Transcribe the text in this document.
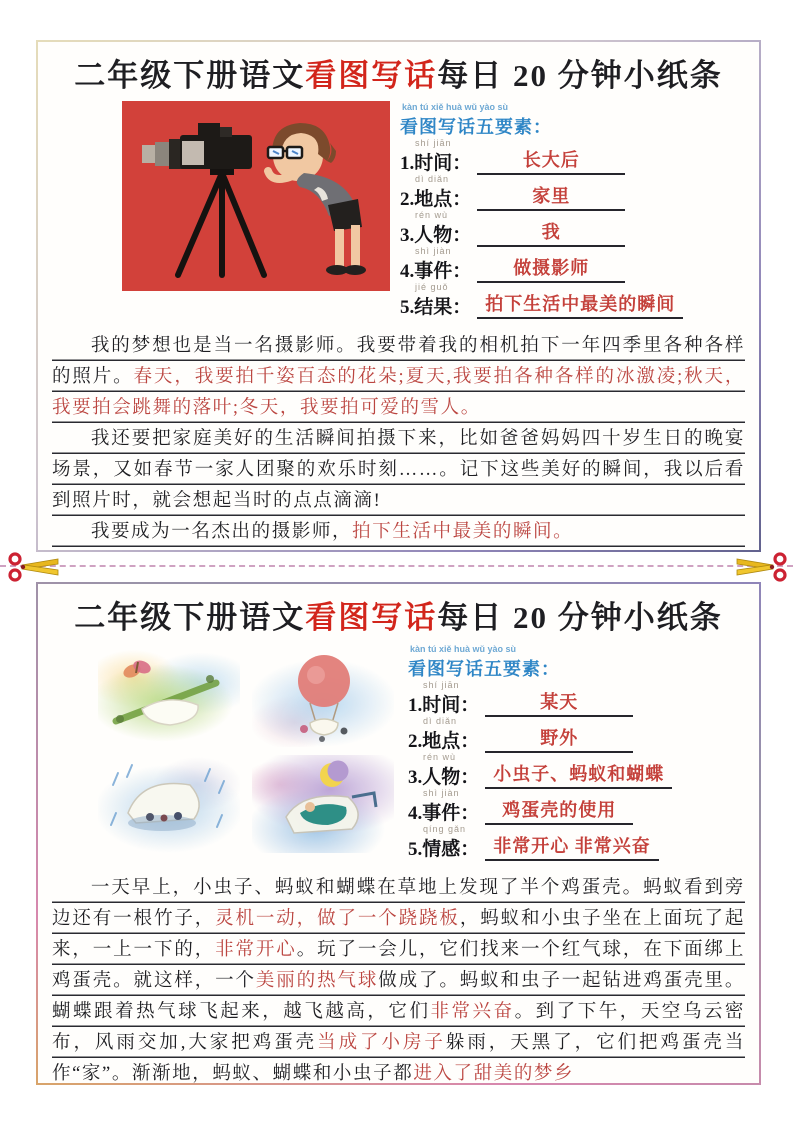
二年级下册语文看图写话每日 20 分钟小纸条
kàn tú xiě huà wǔ yào sù
看图写话五要素：
shí jiān
1.时间：	长大后
dì diǎn
2.地点：	家里
rén wù
3.人物：	我
shì jiàn
4.事件：	做摄影师
jié guǒ
5.结果： 拍下生活中最美的瞬间

我的梦想也是当一名摄影师。我要带着我的相机拍下一年四季里各种各样的照片。春天，我要拍千姿百态的花朵;夏天,我要拍各种各样的冰激凌;秋天，我要拍会跳舞的落叶;冬天，我要拍可爱的雪人。

我还要把家庭美好的生活瞬间拍摄下来，比如爸爸妈妈四十岁生日的晚宴场景，又如春节一家人团聚的欢乐时刻……。记下这些美好的瞬间，我以后看到照片时，就会想起当时的点点滴滴!

我要成为一名杰出的摄影师，拍下生活中最美的瞬间。

二年级下册语文看图写话每日 20 分钟小纸条
kàn tú xiě huà wǔ yào sù
看图写话五要素：
shí jiān
1.时间：	某天
dì diǎn
2.地点：	野外
rén wù
3.人物： 小虫子、蚂蚁和蝴蝶
shì jiàn
4.事件：	鸡蛋壳的使用
qíng gǎn
5.情感： 非常开心 非常兴奋

一天早上，小虫子、蚂蚁和蝴蝶在草地上发现了半个鸡蛋壳。蚂蚁看到旁边还有一根竹子，灵机一动，做了一个跷跷板，蚂蚁和小虫子坐在上面玩了起来，一上一下的，非常开心。玩了一会儿，它们找来一个红气球，在下面绑上鸡蛋壳。就这样，一个美丽的热气球做成了。蚂蚁和虫子一起钻进鸡蛋壳里。蝴蝶跟着热气球飞起来，越飞越高，它们非常兴奋。到了下午，天空乌云密布，风雨交加,大家把鸡蛋壳当成了小房子躲雨，天黑了，它们把鸡蛋壳当作“家”。渐渐地，蚂蚁、蝴蝶和小虫子都进入了甜美的梦乡
